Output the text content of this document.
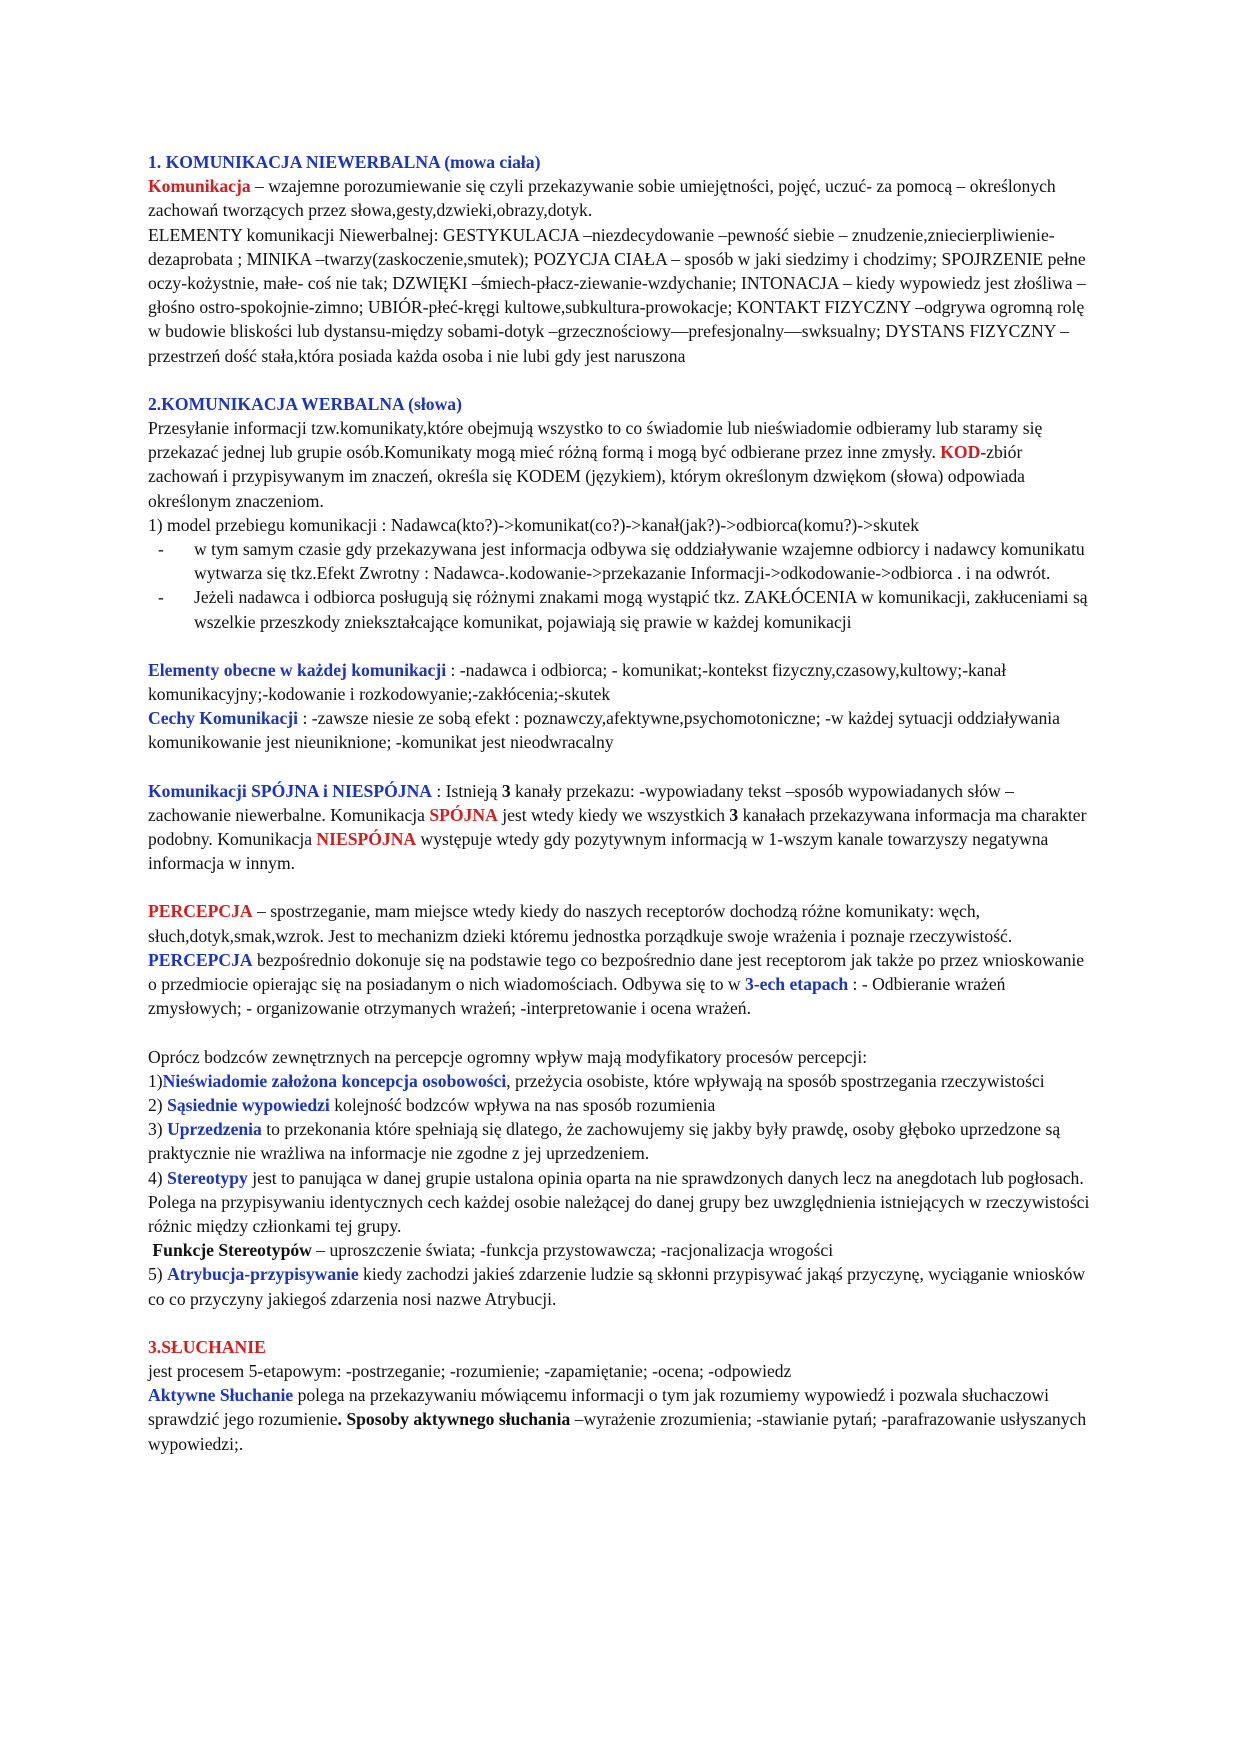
1. KOMUNIKACJA NIEWERBALNA (mowa ciała)

Komunikacja – wzajemne porozumiewanie się czyli przekazywanie sobie umiejętności, pojęć, uczuć- za pomocą – określonych zachowań tworzących przez słowa,gesty,dzwieki,obrazy,dotyk.

ELEMENTY komunikacji Niewerbalnej: GESTYKULACJA –niezdecydowanie –pewność siebie – znudzenie,zniecierpliwienie-dezaprobata ; MINIKA –twarzy(zaskoczenie,smutek); POZYCJA CIAŁA – sposób w jaki siedzimy i chodzimy; SPOJRZENIE pełne oczy-kożystnie, małe- coś nie tak; DZWIĘKI –śmiech-płacz-ziewanie-wzdychanie; INTONACJA – kiedy wypowiedz jest złośliwa – głośno ostro-spokojnie-zimno; UBIÓR-płeć-kręgi kultowe,subkultura-prowokacje; KONTAKT FIZYCZNY –odgrywa ogromną rolę w budowie bliskości lub dystansu-między sobami-dotyk –grzecznościowy—prefesjonalny—swksualny; DYSTANS FIZYCZNY –przestrzeń dość stała,która posiada każda osoba i nie lubi gdy jest naruszona

2.KOMUNIKACJA WERBALNA (słowa)

Przesyłanie informacji tzw.komunikaty,które obejmują wszystko to co świadomie lub nieświadomie odbieramy lub staramy się przekazać jednej lub grupie osób.Komunikaty mogą mieć różną formą i mogą być odbierane przez inne zmysły. KOD-zbiór zachowań i przypisywanym im znaczeń, określa się KODEM (językiem), którym określonym dzwiękom (słowa) odpowiada określonym znaczeniom.

1) model przebiegu komunikacji : Nadawca(kto?)->komunikat(co?)->kanał(jak?)->odbiorca(komu?)->skutek

- w tym samym czasie gdy przekazywana jest informacja odbywa się oddziaływanie wzajemne odbiorcy i nadawcy komunikatu wytwarza się tkz.Efekt Zwrotny : Nadawca-.kodowanie->przekazanie Informacji->odkodowanie->odbiorca . i na odwrót.
- Jeżeli nadawca i odbiorca posługują się różnymi znakami mogą wystąpić tkz. ZAKŁÓCENIA w komunikacji, zakłuceniami są wszelkie przeszkody zniekształcające komunikat, pojawiają się prawie w każdej komunikacji

Elementy obecne w każdej komunikacji : -nadawca i odbiorca; - komunikat;-kontekst fizyczny,czasowy,kultowy;-kanał komunikacyjny;-kodowanie i rozkodowyanie;-zakłócenia;-skutek

Cechy Komunikacji : -zawsze niesie ze sobą efekt : poznawczy,afektywne,psychomotoniczne; -w każdej sytuacji oddziaływania komunikowanie jest nieuniknione; -komunikat jest nieodwracalny

Komunikacji SPÓJNA i NIESPÓJNA : Istnieją 3 kanały przekazu: -wypowiadany tekst –sposób wypowiadanych słów –zachowanie niewerbalne. Komunikacja SPÓJNA jest wtedy kiedy we wszystkich 3 kanałach przekazywana informacja ma charakter podobny. Komunikacja NIESPÓJNA występuje wtedy gdy pozytywnym informacją w 1-wszym kanale towarzyszy negatywna informacja w innym.

PERCEPCJA – spostrzeganie, mam miejsce wtedy kiedy do naszych receptorów dochodzą różne komunikaty: węch, słuch,dotyk,smak,wzrok. Jest to mechanizm dzieki któremu jednostka porządkuje swoje wrażenia i poznaje rzeczywistość. PERCEPCJA bezpośrednio dokonuje się na podstawie tego co bezpośrednio dane jest receptorom jak także po przez wnioskowanie o przedmiocie opierając się na posiadanym o nich wiadomościach. Odbywa się to w 3-ech etapach : - Odbieranie wrażeń zmysłowych; - organizowanie otrzymanych wrażeń; -interpretowanie i ocena wrażeń.

Oprócz bodzców zewnętrznych na percepcje ogromny wpływ mają modyfikatory procesów percepcji:

1)Nieświadomie założona koncepcja osobowości, przeżycia osobiste, które wpływają na sposób spostrzegania rzeczywistości

2) Sąsiednie wypowiedzi kolejność bodzców wpływa na nas sposób rozumienia

3) Uprzedzenia to przekonania które spełniają się dlatego, że zachowujemy się jakby były prawdę, osoby głęboko uprzedzone są praktycznie nie wrażliwa na informacje nie zgodne z jej uprzedzeniem.

4) Stereotypy jest to panująca w danej grupie ustalona opinia oparta na nie sprawdzonych danych lecz na anegdotach lub pogłosach. Polega na przypisywaniu identycznych cech każdej osobie należącej do danej grupy bez uwzględnienia istniejących w rzeczywistości różnic między człionkami tej grupy.

Funkcje Stereotypów – uproszczenie świata; -funkcja przystowawcza; -racjonalizacja wrogości

5) Atrybucja-przypisywanie kiedy zachodzi jakieś zdarzenie ludzie są skłonni przypisywać jakąś przyczynę, wyciąganie wniosków co co przyczyny jakiegoś zdarzenia nosi nazwe Atrybucji.

3.SŁUCHANIE

jest procesem 5-etapowym: -postrzeganie; -rozumienie; -zapamiętanie; -ocena; -odpowiedz

Aktywne Słuchanie polega na przekazywaniu mówiącemu informacji o tym jak rozumiemy wypowiedź i pozwala słuchaczowi sprawdzić jego rozumienie. Sposoby aktywnego słuchania –wyrażenie zrozumienia; -stawianie pytań; -parafrazowanie usłyszanych wypowiedzi;.
